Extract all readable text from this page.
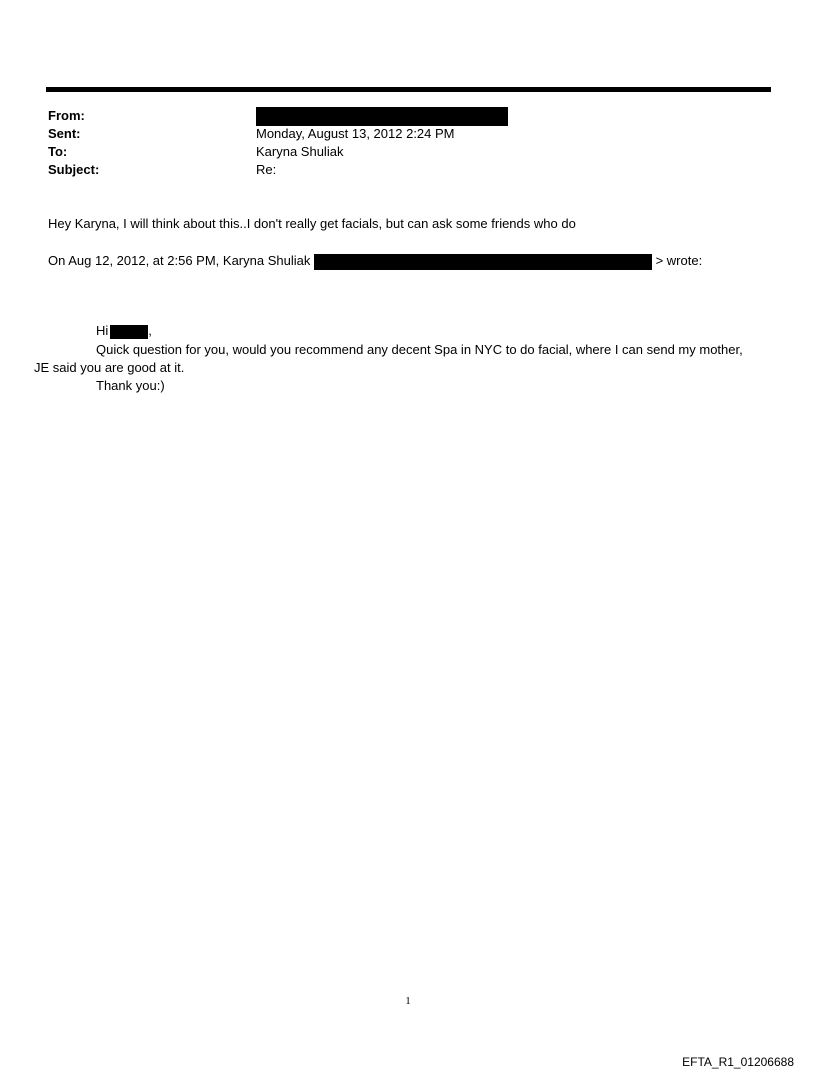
From:
Sent:	Monday, August 13, 2012 2:24 PM
To:	Karyna Shuliak
Subject:	Re:
Hey Karyna, I will think about this..I don't really get facials, but can ask some friends who do
On Aug 12, 2012, at 2:56 PM, Karyna Shuliak	> wrote:
Hi	,
Quick question for you, would you recommend any decent Spa in NYC to do facial, where I can send my mother,
JE said you are good at it.
Thank you:)
1
EFTA_R1_01206688
